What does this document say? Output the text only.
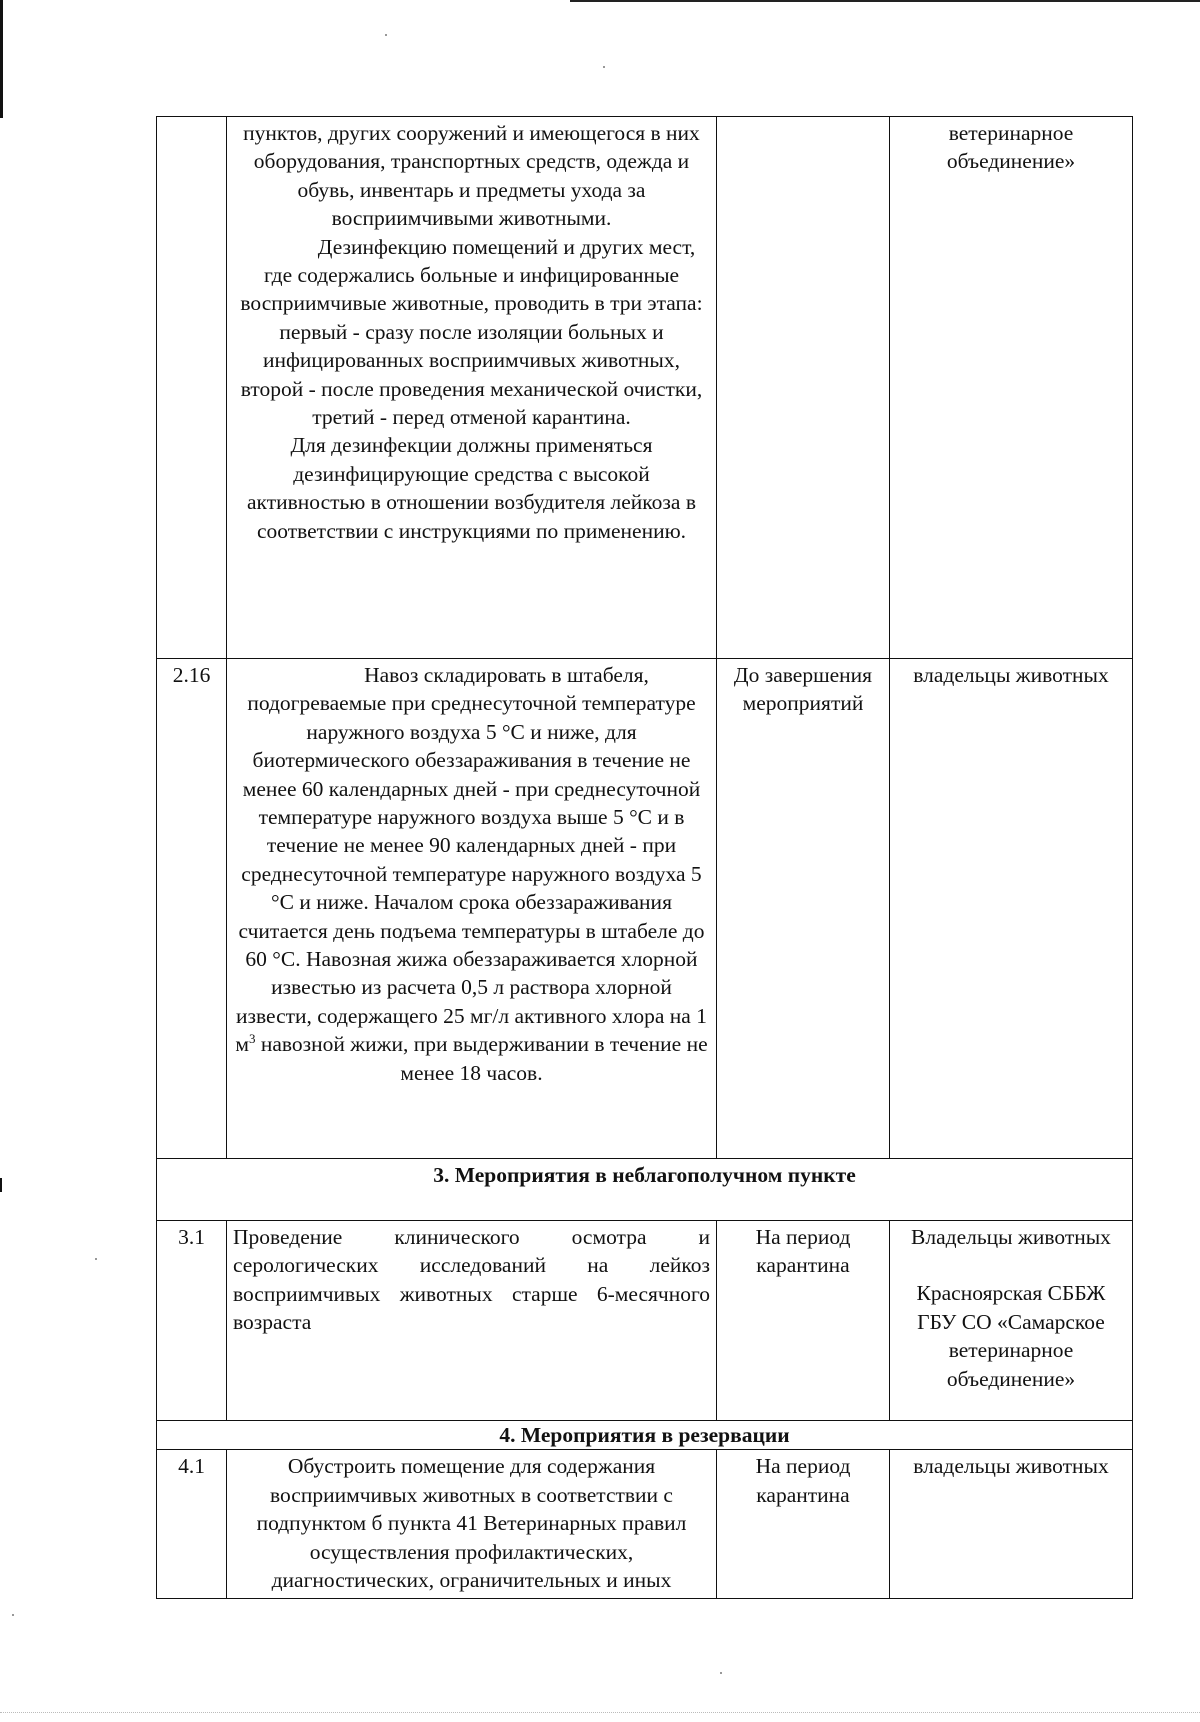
	пунктов, других сооружений и имеющегося в них оборудования, транспортных средств, одежда и обувь, инвентарь и предметы ухода за восприимчивыми животными.
Дезинфекцию помещений и других мест, где содержались больные и инфицированные восприимчивые животные, проводить в три этапа: первый - сразу после изоляции больных и инфицированных восприимчивых животных, второй - после проведения механической очистки, третий - перед отменой карантина.
Для дезинфекции должны применяться дезинфицирующие средства с высокой активностью в отношении возбудителя лейкоза в соответствии с инструкциями по применению.		ветеринарное объединение»
2.16	Навоз складировать в штабеля, подогреваемые при среднесуточной температуре наружного воздуха 5 °С и ниже, для биотермического обеззараживания в течение не менее 60 календарных дней - при среднесуточной температуре наружного воздуха выше 5 °С и в течение не менее 90 календарных дней - при среднесуточной температуре наружного воздуха 5 °С и ниже. Началом срока обеззараживания считается день подъема температуры в штабеле до 60 °С. Навозная жижа обеззараживается хлорной известью из расчета 0,5 л раствора хлорной извести, содержащего 25 мг/л активного хлора на 1 $м^3$ навозной жижи, при выдерживании в течение не менее 18 часов.	До завершения мероприятий	владельцы животных
3. Мероприятия в неблагополучном пункте			
3.1	Проведение клинического осмотра и серологических исследований на лейкоз восприимчивых животных старше 6-месячного возраста	На период карантина	Владельцы животных
Красноярская СББЖ ГБУ СО «Самарское ветеринарное объединение»

4. Мероприятия в резервации			
4.1	Обустроить помещение для содержания восприимчивых животных в соответствии с подпунктом б пункта 41 Ветеринарных правил осуществления профилактических, диагностических, ограничительных и иных	На период карантина	владельцы животных
